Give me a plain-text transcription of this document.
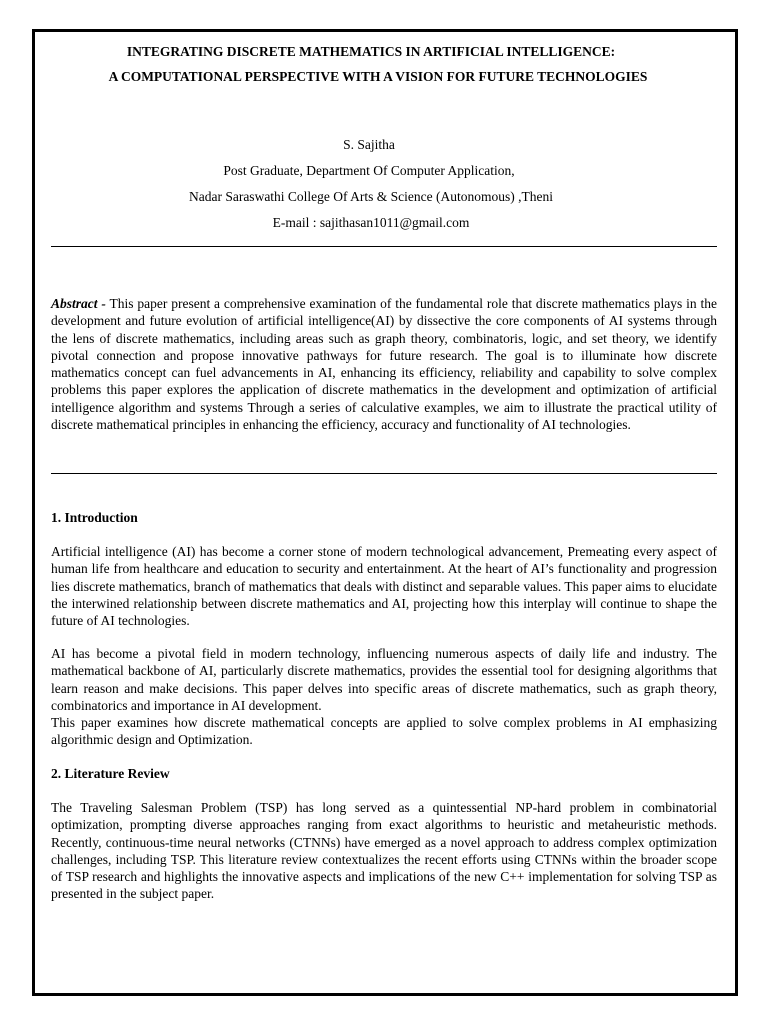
INTEGRATING DISCRETE MATHEMATICS IN ARTIFICIAL INTELLIGENCE:
A COMPUTATIONAL PERSPECTIVE WITH A VISION FOR FUTURE TECHNOLOGIES
S. Sajitha
Post Graduate, Department Of Computer Application,
Nadar Saraswathi College Of Arts & Science (Autonomous) ,Theni
E-mail : sajithasan1011@gmail.com

Abstract - This paper present a comprehensive examination of the fundamental role that discrete mathematics plays in the development and future evolution of artificial intelligence(AI) by dissective the core components of AI systems through the lens of discrete mathematics, including areas such as graph theory, combinatoris, logic, and set theory, we identify pivotal connection and propose innovative pathways for future research. The goal is to illuminate how discrete mathematics concept can fuel advancements in AI, enhancing its efficiency, reliability and capability to solve complex problems this paper explores the application of discrete mathematics in the development and optimization of artificial intelligence algorithm and systems Through a series of calculative examples, we aim to illustrate the practical utility of discrete mathematical principles in enhancing the efficiency, accuracy and functionality of AI technologies.

1. Introduction

Artificial intelligence (AI) has become a corner stone of modern technological advancement, Premeating every aspect of human life from healthcare and education to security and entertainment. At the heart of AI’s functionality and progression lies discrete mathematics, branch of mathematics that deals with distinct and separable values. This paper aims to elucidate the interwined relationship between discrete mathematics and AI, projecting how this interplay will continue to shape the future of AI technologies.

AI has become a pivotal field in modern technology, influencing numerous aspects of daily life and industry. The mathematical backbone of AI, particularly discrete mathematics, provides the essential tool for designing algorithms that learn reason and make decisions. This paper delves into specific areas of discrete mathematics, such as graph theory, combinatorics and importance in AI development.
This paper examines how discrete mathematical concepts are applied to solve complex problems in AI emphasizing algorithmic design and Optimization.
2. Literature Review

The Traveling Salesman Problem (TSP) has long served as a quintessential NP-hard problem in combinatorial optimization, prompting diverse approaches ranging from exact algorithms to heuristic and metaheuristic methods. Recently, continuous-time neural networks (CTNNs) have emerged as a novel approach to address complex optimization challenges, including TSP. This literature review contextualizes the recent efforts using CTNNs within the broader scope of TSP research and highlights the innovative aspects and implications of the new C++ implementation for solving TSP as presented in the subject paper.
